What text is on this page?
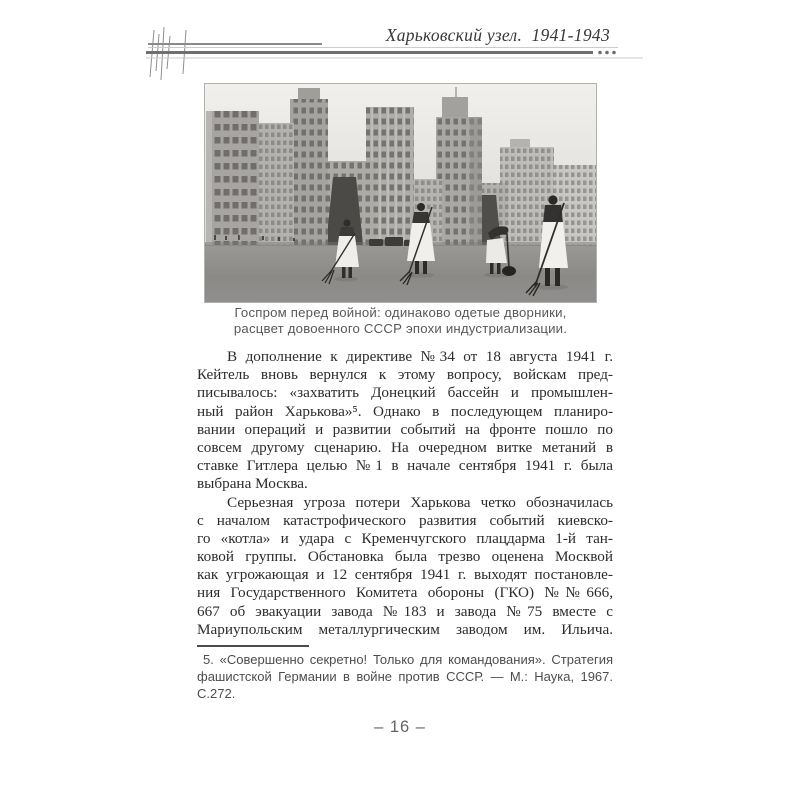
Харьковский узел.  1941-1943
Госпром перед войной: одинаково одетые дворники,
расцвет довоенного СССР эпохи индустриализации.
В дополнение к директиве №34 от 18 августа 1941 г.
Кейтель вновь вернулся к этому вопросу, войскам пред-
писывалось: «захватить Донецкий бассейн и промышлен-
ный район Харькова»⁵. Однако в последующем планиро-
вании операций и развитии событий на фронте пошло по
совсем другому сценарию. На очередном витке метаний в
ставке Гитлера целью №1 в начале сентября 1941 г. была
выбрана Москва.
Серьезная угроза потери Харькова четко обозначилась
с началом катастрофического развития событий киевско-
го «котла» и удара с Кременчугского плацдарма 1-й тан-
ковой группы. Обстановка была трезво оценена Москвой
как угрожающая и 12 сентября 1941 г. выходят постановле-
ния Государственного Комитета обороны (ГКО) №№666,
667 об эвакуации завода №183 и завода №75 вместе с
Мариупольским металлургическим заводом им. Ильича.
5. «Совершенно секретно! Только для командования». Стратегия
фашистской Германии в войне против СССР. — М.: Наука, 1967.
С.272.
– 16 –
